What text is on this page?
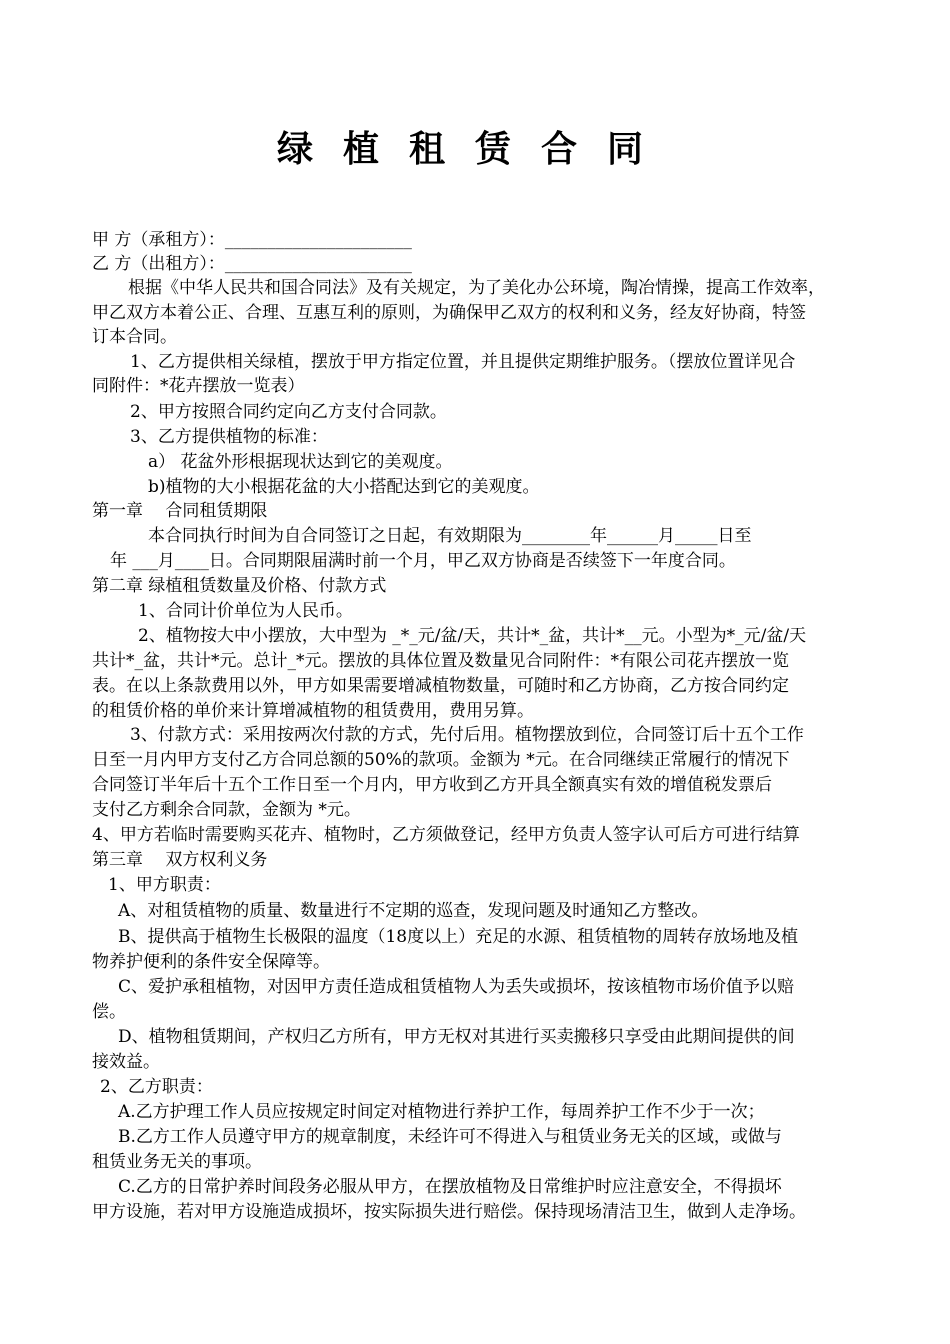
绿植租赁合同
甲 方（承租方）：______________________
乙 方（出租方）：______________________
根据《中华人民共和国合同法》及有关规定，为了美化办公环境，陶冶情操，提高工作效率，
甲乙双方本着公正、合理、互惠互利的原则，为确保甲乙双方的权利和义务，经友好协商，特签
订本合同。
1、乙方提供相关绿植，摆放于甲方指定位置，并且提供定期维护服务。（摆放位置详见合
同附件：*花卉摆放一览表）
2、甲方按照合同约定向乙方支付合同款。
3、乙方提供植物的标准：
a） 花盆外形根据现状达到它的美观度。
b)植物的大小根据花盆的大小搭配达到它的美观度。
第一章　 合同租赁期限
本合同执行时间为自合同签订之日起，有效期限为________年______月_____日至
年 ___月____日。合同期限届满时前一个月，甲乙双方协商是否续签下一年度合同。
第二章 绿植租赁数量及价格、付款方式
1、合同计价单位为人民币。
2、植物按大中小摆放，大中型为 _*_元/盆/天，共计*_盆，共计*__元。小型为*_元/盆/天
共计*_盆，共计*元。总计_*元。摆放的具体位置及数量见合同附件：*有限公司花卉摆放一览
表。在以上条款费用以外，甲方如果需要增减植物数量，可随时和乙方协商，乙方按合同约定
的租赁价格的单价来计算增减植物的租赁费用，费用另算。
3、付款方式：采用按两次付款的方式，先付后用。植物摆放到位，合同签订后十五个工作
日至一月内甲方支付乙方合同总额的50%的款项。金额为 *元。在合同继续正常履行的情况下
合同签订半年后十五个工作日至一个月内，甲方收到乙方开具全额真实有效的增值税发票后
支付乙方剩余合同款，金额为 *元。
4、甲方若临时需要购买花卉、植物时，乙方须做登记，经甲方负责人签字认可后方可进行结算
第三章　 双方权利义务
1、甲方职责：
A、对租赁植物的质量、数量进行不定期的巡查，发现问题及时通知乙方整改。
B、提供高于植物生长极限的温度（18度以上）充足的水源、租赁植物的周转存放场地及植
物养护便利的条件安全保障等。
C、爱护承租植物，对因甲方责任造成租赁植物人为丢失或损坏，按该植物市场价值予以赔
偿。
D、植物租赁期间，产权归乙方所有，甲方无权对其进行买卖搬移只享受由此期间提供的间
接效益。
2、乙方职责：
A.乙方护理工作人员应按规定时间定对植物进行养护工作，每周养护工作不少于一次；
B.乙方工作人员遵守甲方的规章制度，未经许可不得进入与租赁业务无关的区域，或做与
租赁业务无关的事项。
C.乙方的日常护养时间段务必服从甲方，在摆放植物及日常维护时应注意安全，不得损坏
甲方设施，若对甲方设施造成损坏，按实际损失进行赔偿。保持现场清洁卫生，做到人走净场。
